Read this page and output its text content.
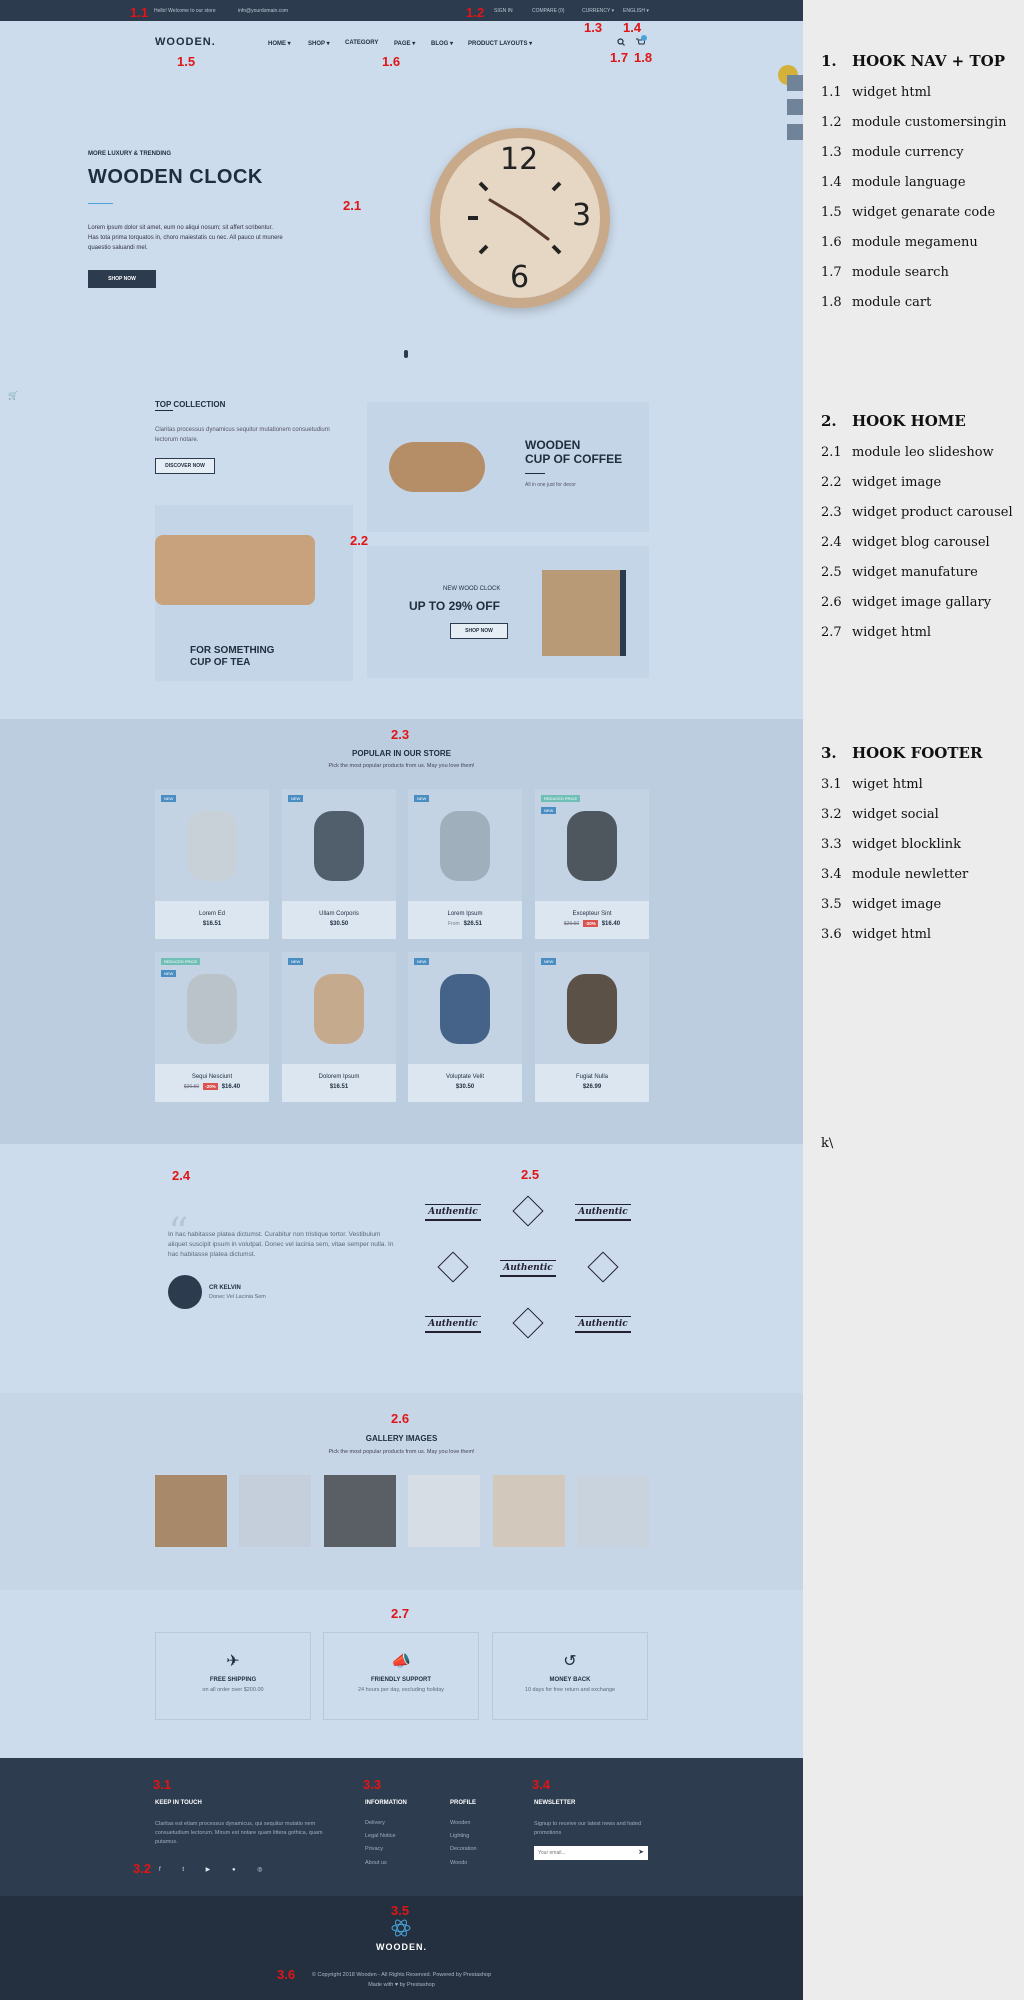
Hello! Welcome to our store	info@yourdomain.com	SIGN IN	COMPARE (0)	CURRENCY ▾ ENGLISH ▾
WOODEN.	HOME ▾	SHOP ▾	CATEGORY	PAGE ▾	BLOG ▾ PRODUCT LAYOUTS ▾
MORE LUXURY & TRENDING
WOODEN CLOCK
Lorem ipsum dolor sit amet, eum no aliqui nosum; sit affert scribentur. Has tota prima torquatos in, choro maiestatis cu nec. All pauco ut munere quaestio saluandi mel.
SHOP NOW
12
3
6
🛒
TOP COLLECTION
Claritas processus dynamicus sequitur mutationem consuetudium lectorum notare.
DISCOVER NOW
WOODEN
CUP OF COFFEE
All in one just for decor
FOR SOMETHING
CUP OF TEA
NEW WOOD CLOCK
UP TO 29% OFF
SHOP NOW
POPULAR IN OUR STORE
Pick the most popular products from us. May you love them!
NEW
Lorem Ed
$16.51
NEW
Ullam Corporis
$30.50
NEW
Lorem Ipsum
From $26.51
REDUCED PRICE
NEW
Excepteur Sint
$20.50 -20% $16.40
REDUCED PRICE
NEW
Sequi Nesciunt
$20.50 -20% $16.40
NEW
Dolorem Ipsum
$16.51
NEW
Voluptate Velit
$30.50
NEW
Fugiat Nulla
$26.99
“
In hac habitasse platea dictumst. Curabitur non tristique tortor. Vestibulum aliquet suscipit ipsum in volutpat. Donec vel lacinia sem, vitae semper nulla. In hac habitasse platea dictumst.
CR KELVIN
Donec Vel Lacinia Sem
Authentic	Authentic
Authentic
Authentic	Authentic
GALLERY IMAGES
Pick the most popular products from us. May you love them!
✈
FREE SHIPPING
on all order over $200.00
📣
FRIENDLY SUPPORT
24 hours per day, excluding holiday
↺
MONEY BACK
10 days for free return and exchange
KEEP IN TOUCH
Claritas est etiam processus dynamicus, qui sequitur mutatio nem consuetudium lectorum. Mirum est notare quam littera gothica, quam putamus.
f t ▶ ● ◎
INFORMATION
Delivery
Legal Notice
Privacy
About us
PROFILE
Wooden
Lighting
Decoration
Woodo
NEWSLETTER
Signup to receive our latest news and hated promotions
Your email...
➤
WOODEN.
© Copyright 2018 Wooden - All Rights Reserved. Powered by Prestashop
Made with ♥ by Prestashop
1.1	1.2
1.3 1.4
1.5	1.6	1.7 1.8
2.1
2.2
2.3
2.4	2.5
2.6
2.7
3.1
3.2
3.3	3.4
3.5
3.6
1. HOOK NAV + TOP
1.1 widget html
1.2 module customersingin
1.3 module currency
1.4 module language
1.5 widget genarate code
1.6 module megamenu
1.7 module search
1.8 module cart
2. HOOK HOME
2.1 module leo slideshow
2.2 widget image
2.3 widget product carousel
2.4 widget blog carousel
2.5 widget manufature
2.6 widget image gallary
2.7 widget html
3. HOOK FOOTER
3.1 wiget html
3.2 widget social
3.3 widget blocklink
3.4 module newletter
3.5 widget image
3.6 widget html
k\
